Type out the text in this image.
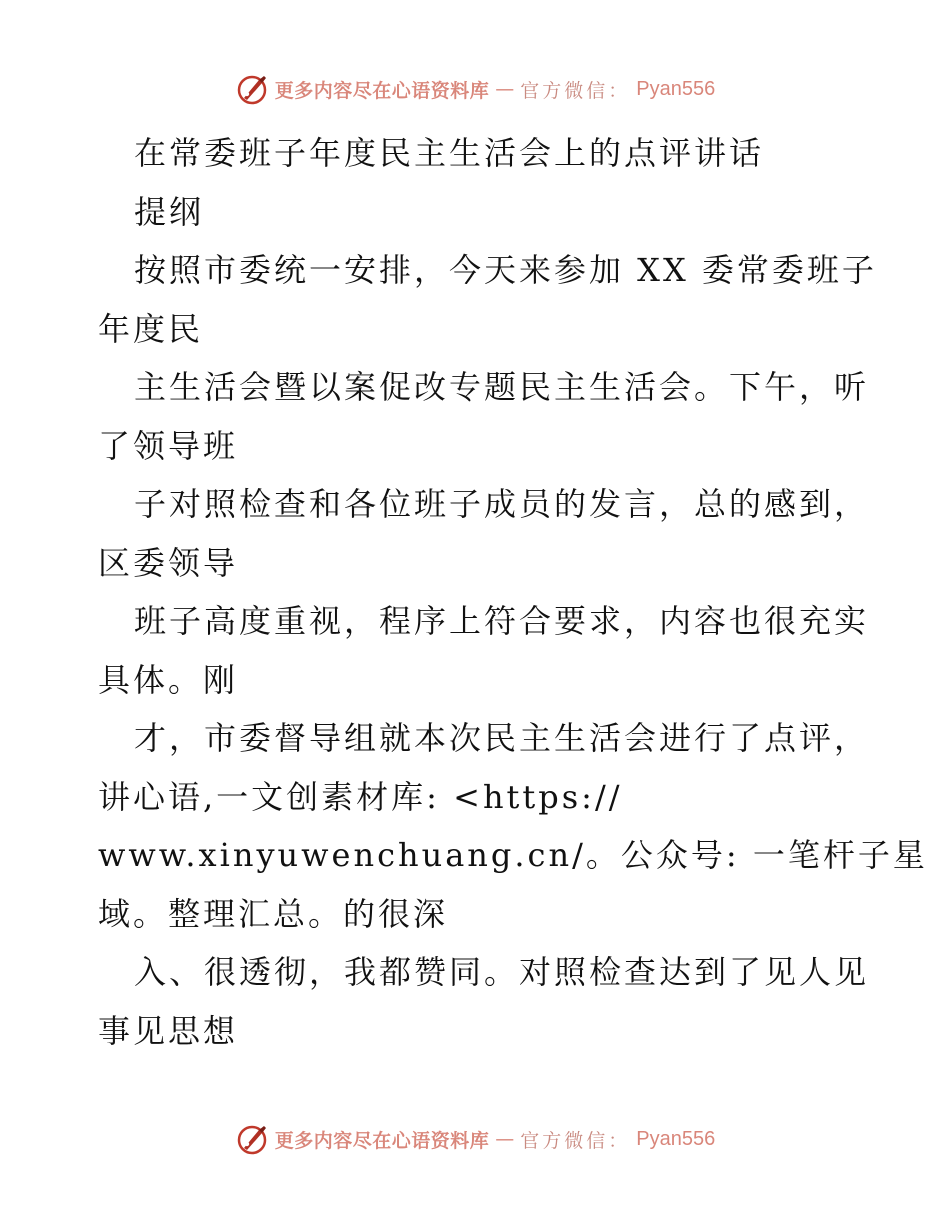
更多内容尽在心语资料库 — 官方微信： Pyan556
在常委班子年度民主生活会上的点评讲话
提纲
按照市委统一安排，今天来参加 XX 委常委班子
年度民
主生活会暨以案促改专题民主生活会。下午，听
了领导班
子对照检查和各位班子成员的发言，总的感到，
区委领导
班子高度重视，程序上符合要求，内容也很充实
具体。刚
才，市委督导组就本次民主生活会进行了点评，
讲心语,一文创素材库: <https://
www.xinyuwenchuang.cn/。公众号: 一笔杆子星
域。整理汇总。的很深
入、很透彻，我都赞同。对照检查达到了见人见
事见思想
更多内容尽在心语资料库 — 官方微信： Pyan556
